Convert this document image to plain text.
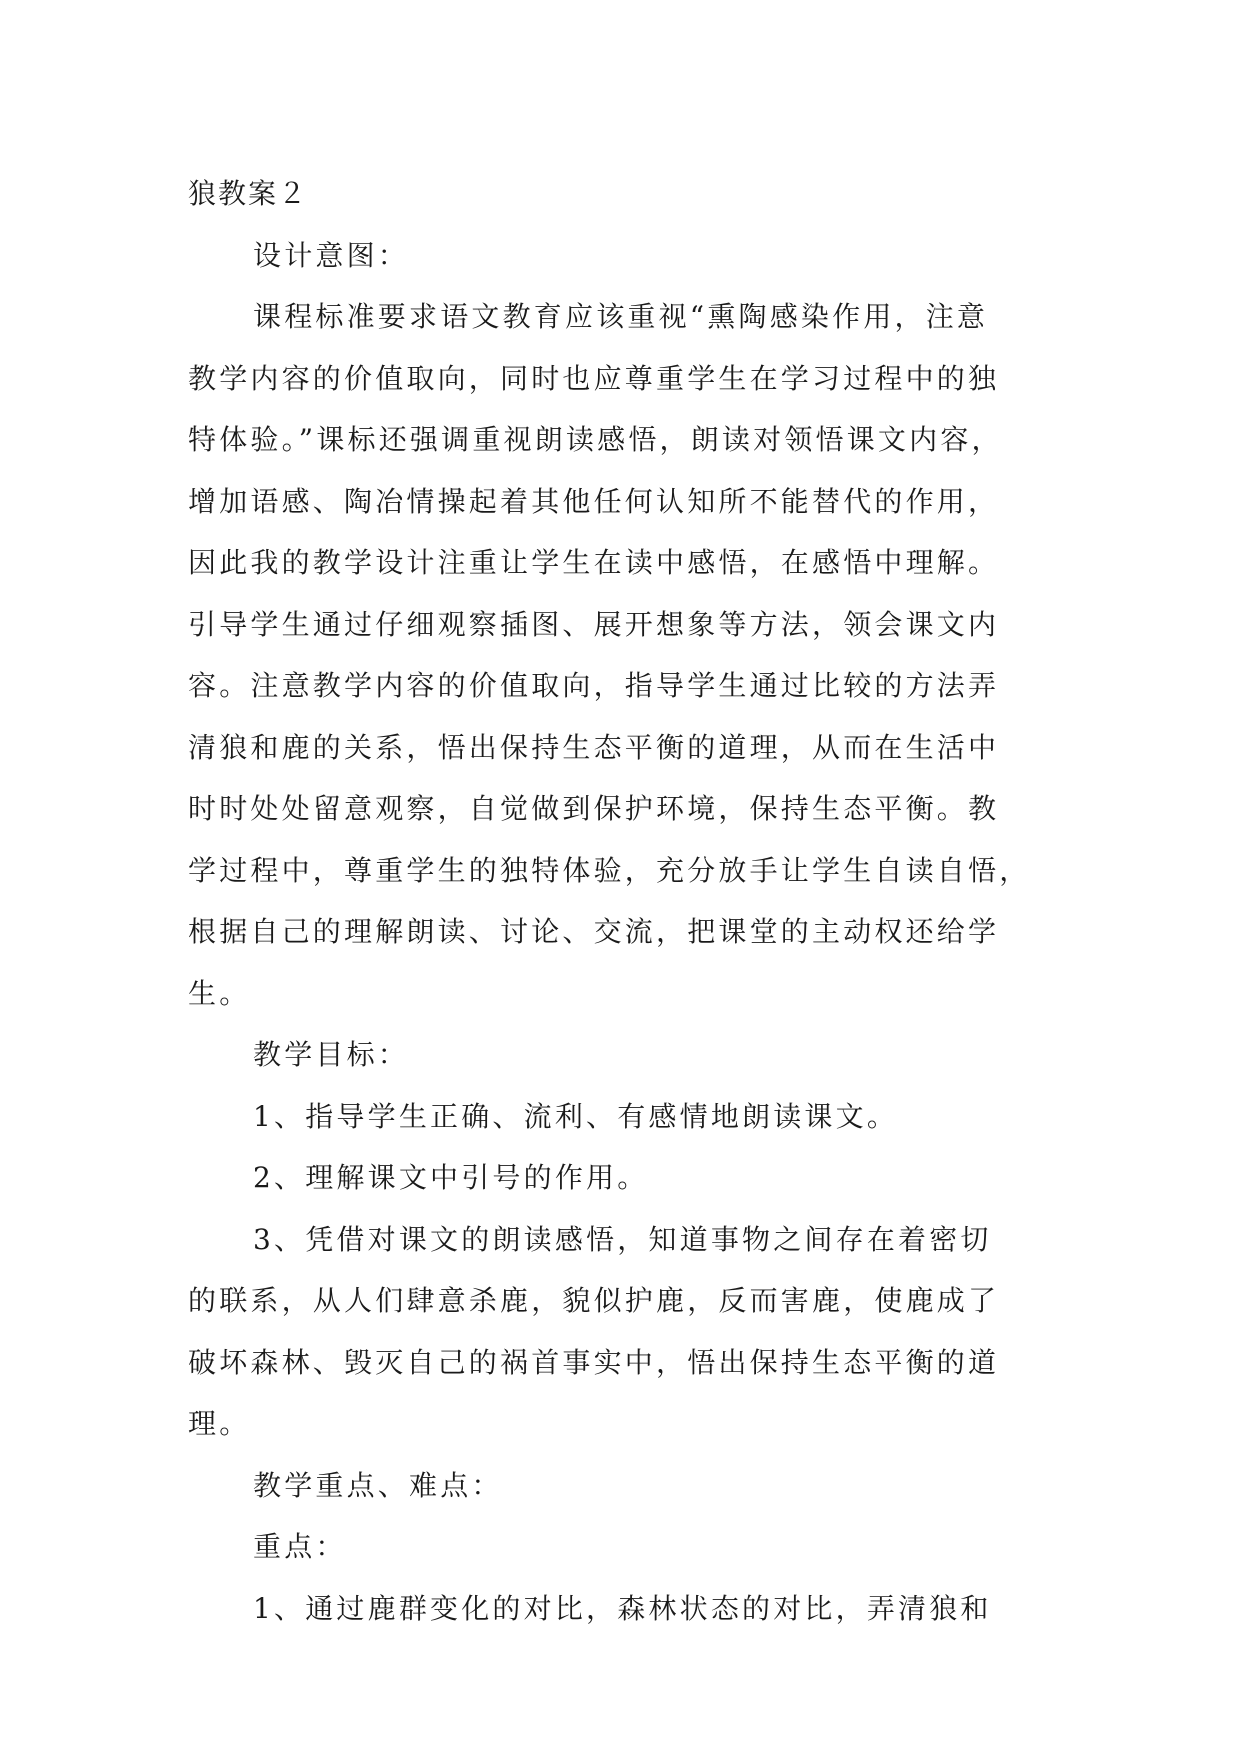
狼教案２
设计意图：
课程标准要求语文教育应该重视“熏陶感染作用，注意
教学内容的价值取向，同时也应尊重学生在学习过程中的独
特体验。”课标还强调重视朗读感悟，朗读对领悟课文内容，
增加语感、陶冶情操起着其他任何认知所不能替代的作用，
因此我的教学设计注重让学生在读中感悟，在感悟中理解。
引导学生通过仔细观察插图、展开想象等方法，领会课文内
容。注意教学内容的价值取向，指导学生通过比较的方法弄
清狼和鹿的关系，悟出保持生态平衡的道理，从而在生活中
时时处处留意观察，自觉做到保护环境，保持生态平衡。教
学过程中，尊重学生的独特体验，充分放手让学生自读自悟，
根据自己的理解朗读、讨论、交流，把课堂的主动权还给学
生。
教学目标：
1、指导学生正确、流利、有感情地朗读课文。
2、理解课文中引号的作用。
3、凭借对课文的朗读感悟，知道事物之间存在着密切
的联系，从人们肆意杀鹿，貌似护鹿，反而害鹿，使鹿成了
破坏森林、毁灭自己的祸首事实中，悟出保持生态平衡的道
理。
教学重点、难点：
重点：
1、通过鹿群变化的对比，森林状态的对比，弄清狼和
